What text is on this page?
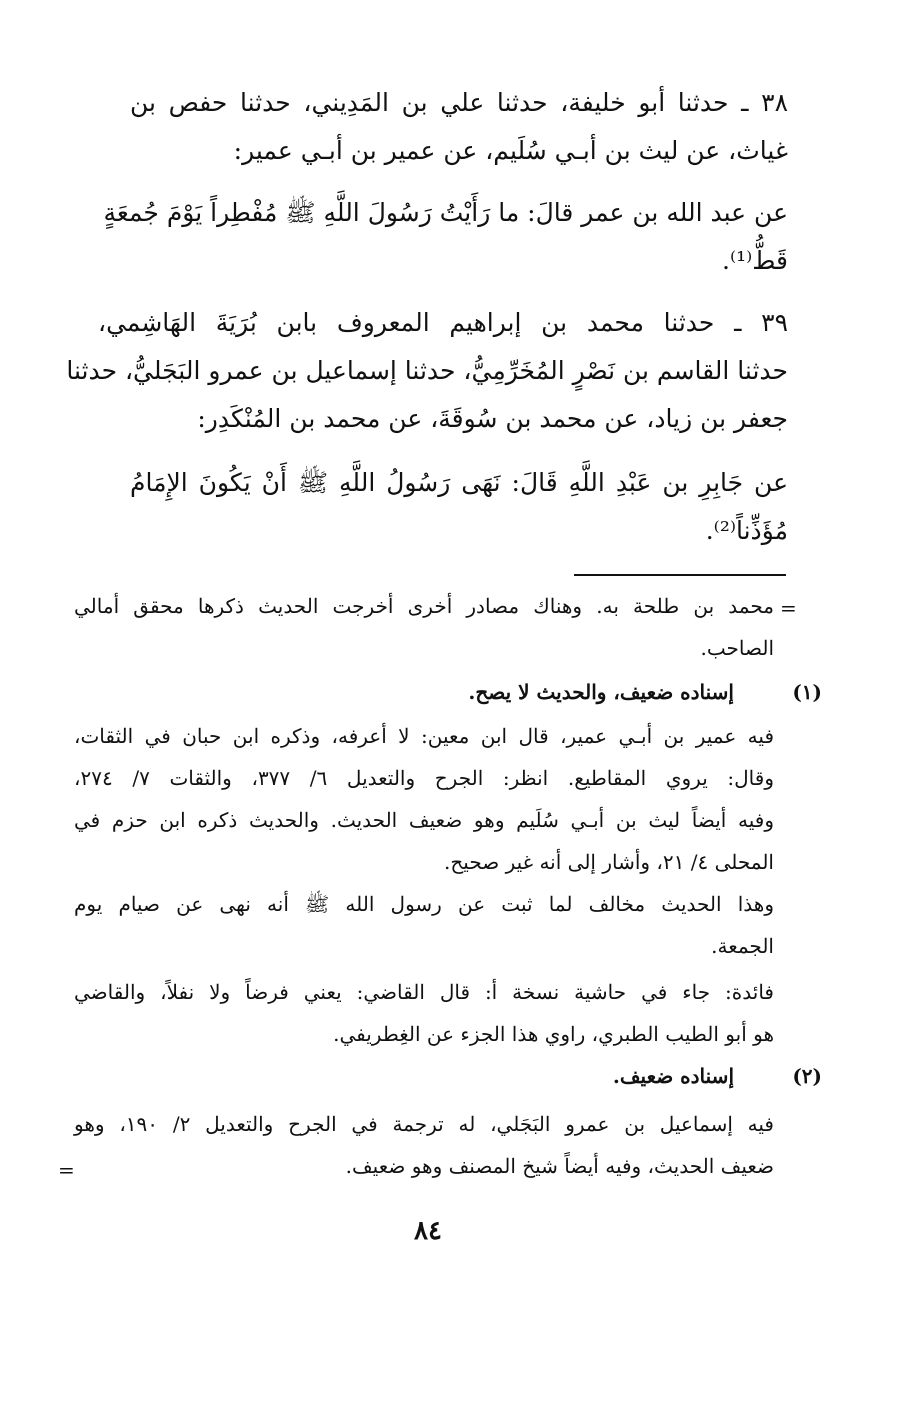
٣٨ ـ حدثنا أبو خليفة، حدثنا علي بن المَدِيني، حدثنا حفص بن
غياث، عن ليث بن أبـي سُلَيم، عن عمير بن أبـي عمير:
عن عبد الله بن عمر قالَ: ما رَأَيْتُ رَسُولَ اللَّهِ ﷺ مُفْطِراً يَوْمَ جُمعَةٍ
قَطُّ⁽¹⁾.
٣٩ ـ حدثنا محمد بن إبراهيم المعروف بابن بُرَيَةَ الهَاشِمي،
حدثنا القاسم بن نَصْرٍ المُخَرِّمِيُّ، حدثنا إسماعيل بن عمرو البَجَليُّ، حدثنا
جعفر بن زياد، عن محمد بن سُوقَةَ، عن محمد بن المُنْكَدِر:
عن جَابِرِ بن عَبْدِ اللَّهِ قَالَ: نَهَى رَسُولُ اللَّهِ ﷺ أَنْ يَكُونَ الإِمَامُ
مُؤَذِّناً⁽²⁾.
=
محمد بن طلحة به. وهناك مصادر أخرى أخرجت الحديث ذكرها محقق أمالي
الصاحب.
(١)
إسناده ضعيف، والحديث لا يصح.
فيه عمير بن أبـي عمير، قال ابن معين: لا أعرفه، وذكره ابن حبان في الثقات،
وقال: يروي المقاطيع. انظر: الجرح والتعديل ٦/ ٣٧٧، والثقات ٧/ ٢٧٤،
وفيه أيضاً ليث بن أبـي سُلَيم وهو ضعيف الحديث. والحديث ذكره ابن حزم في
المحلى ٤/ ٢١، وأشار إلى أنه غير صحيح.
وهذا الحديث مخالف لما ثبت عن رسول الله ﷺ أنه نهى عن صيام يوم
الجمعة.
فائدة: جاء في حاشية نسخة أ: قال القاضي: يعني فرضاً ولا نفلاً، والقاضي
هو أبو الطيب الطبري، راوي هذا الجزء عن الغِطريفي.
(٢)
إسناده ضعيف.
فيه إسماعيل بن عمرو البَجَلي، له ترجمة في الجرح والتعديل ٢/ ١٩٠، وهو
ضعيف الحديث، وفيه أيضاً شيخ المصنف وهو ضعيف.
=
٨٤
